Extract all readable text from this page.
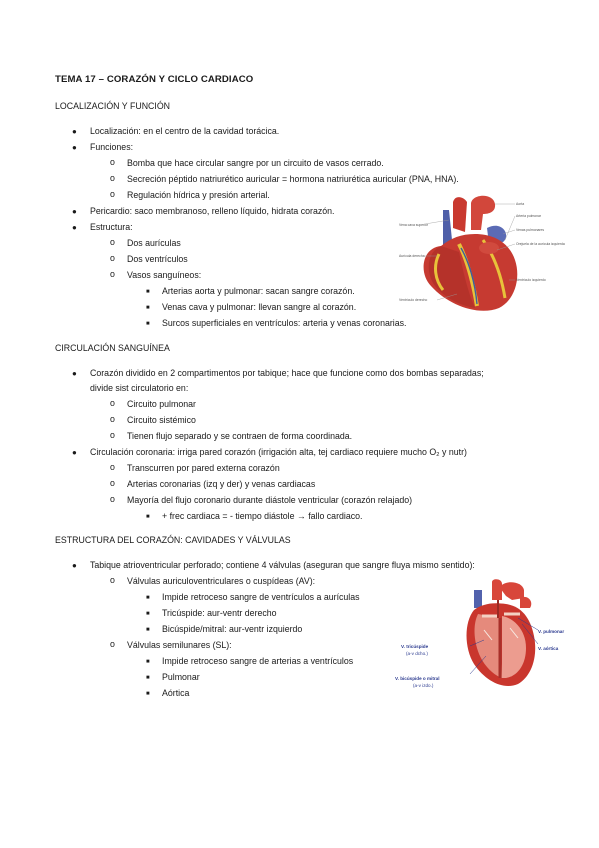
TEMA 17 – CORAZÓN Y CICLO CARDIACO
LOCALIZACIÓN Y FUNCIÓN
● Localización: en el centro de la cavidad torácica.
● Funciones:
o Bomba que hace circular sangre por un circuito de vasos cerrado.
o Secreción péptido natriurético auricular = hormona natriurética auricular (PNA, HNA).
o Regulación hídrica y presión arterial.
● Pericardio: saco membranoso, relleno líquido, hidrata corazón.
● Estructura:
o Dos aurículas
o Dos ventrículos
o Vasos sanguíneos:
■ Arterias aorta y pulmonar: sacan sangre corazón.
■ Venas cava y pulmonar: llevan sangre al corazón.
■ Surcos superficiales en ventrículos: arteria y venas coronarias.
Aorta
Arteria pulmonar
Vena cava superior
Venas pulmonares
Orejuela de la aurícula izquierda
Aurícula derecha
Ventrículo izquierdo
Ventrículo derecho
CIRCULACIÓN SANGUÍNEA
● Corazón dividido en 2 compartimentos por tabique; hace que funcione como dos bombas separadas;
divide sist circulatorio en:
o Circuito pulmonar
o Circuito sistémico
o Tienen flujo separado y se contraen de forma coordinada.
● Circulación coronaria: irriga pared corazón (irrigación alta, tej cardiaco requiere mucho O₂ y nutr)
o Transcurren por pared externa corazón
o Arterias coronarias (izq y der) y venas cardiacas
o Mayoría del flujo coronario durante diástole ventricular (corazón relajado)
■ + frec cardiaca = - tiempo diástole → fallo cardiaco.
ESTRUCTURA DEL CORAZÓN: CAVIDADES Y VÁLVULAS
● Tabique atrioventricular perforado; contiene 4 válvulas (aseguran que sangre fluya mismo sentido):
o Válvulas auriculoventriculares o cuspídeas (AV):
■ Impide retroceso sangre de ventrículos a aurículas
■ Tricúspide: aur-ventr derecho
■ Bicúspide/mitral: aur-ventr izquierdo
o Válvulas semilunares (SL):
■ Impide retroceso sangre de arterias a ventrículos
■ Pulmonar
■ Aórtica
V. pulmonar
V. aórtica
V. tricúspide
(a-v dcho.)
V. bicúspide o mitral
(a-v izdo.)
